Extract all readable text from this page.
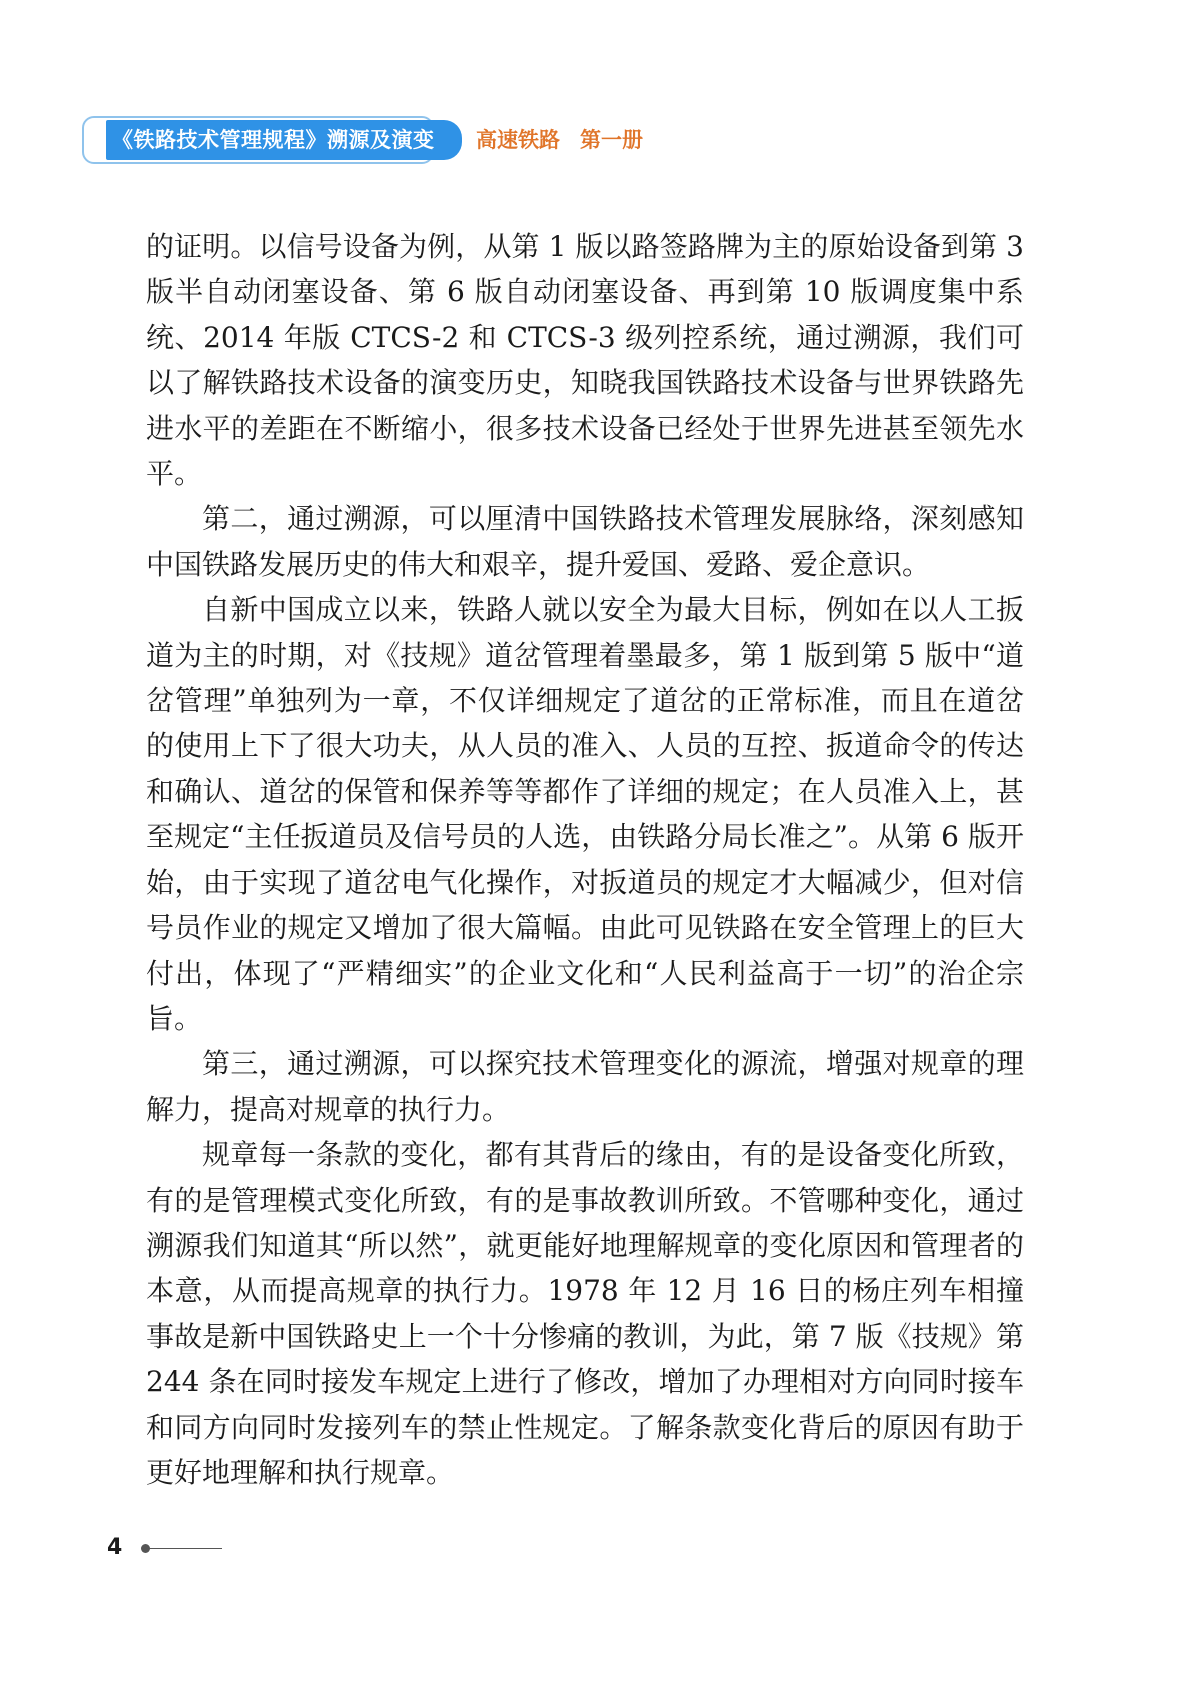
《铁路技术管理规程》溯源及演变	高速铁路 第一册

的证明。以信号设备为例，从第 1 版以路签路牌为主的原始设备到第 3 版半自动闭塞设备、第 6 版自动闭塞设备、再到第 10 版调度集中系统、2014 年版 CTCS-2 和 CTCS-3 级列控系统，通过溯源，我们可以了解铁路技术设备的演变历史，知晓我国铁路技术设备与世界铁路先进水平的差距在不断缩小，很多技术设备已经处于世界先进甚至领先水平。

第二，通过溯源，可以厘清中国铁路技术管理发展脉络，深刻感知中国铁路发展历史的伟大和艰辛，提升爱国、爱路、爱企意识。

自新中国成立以来，铁路人就以安全为最大目标，例如在以人工扳道为主的时期，对《技规》道岔管理着墨最多，第 1 版到第 5 版中“道岔管理”单独列为一章，不仅详细规定了道岔的正常标准，而且在道岔的使用上下了很大功夫，从人员的准入、人员的互控、扳道命令的传达和确认、道岔的保管和保养等等都作了详细的规定；在人员准入上，甚至规定“主任扳道员及信号员的人选，由铁路分局长准之”。从第 6 版开始，由于实现了道岔电气化操作，对扳道员的规定才大幅减少，但对信号员作业的规定又增加了很大篇幅。由此可见铁路在安全管理上的巨大付出，体现了“严精细实”的企业文化和“人民利益高于一切”的治企宗旨。

第三，通过溯源，可以探究技术管理变化的源流，增强对规章的理解力，提高对规章的执行力。

规章每一条款的变化，都有其背后的缘由，有的是设备变化所致，有的是管理模式变化所致，有的是事故教训所致。不管哪种变化，通过溯源我们知道其“所以然”，就更能好地理解规章的变化原因和管理者的本意，从而提高规章的执行力。1978 年 12 月 16 日的杨庄列车相撞事故是新中国铁路史上一个十分惨痛的教训，为此，第 7 版《技规》第 244 条在同时接发车规定上进行了修改，增加了办理相对方向同时接车和同方向同时发接列车的禁止性规定。了解条款变化背后的原因有助于更好地理解和执行规章。

4
